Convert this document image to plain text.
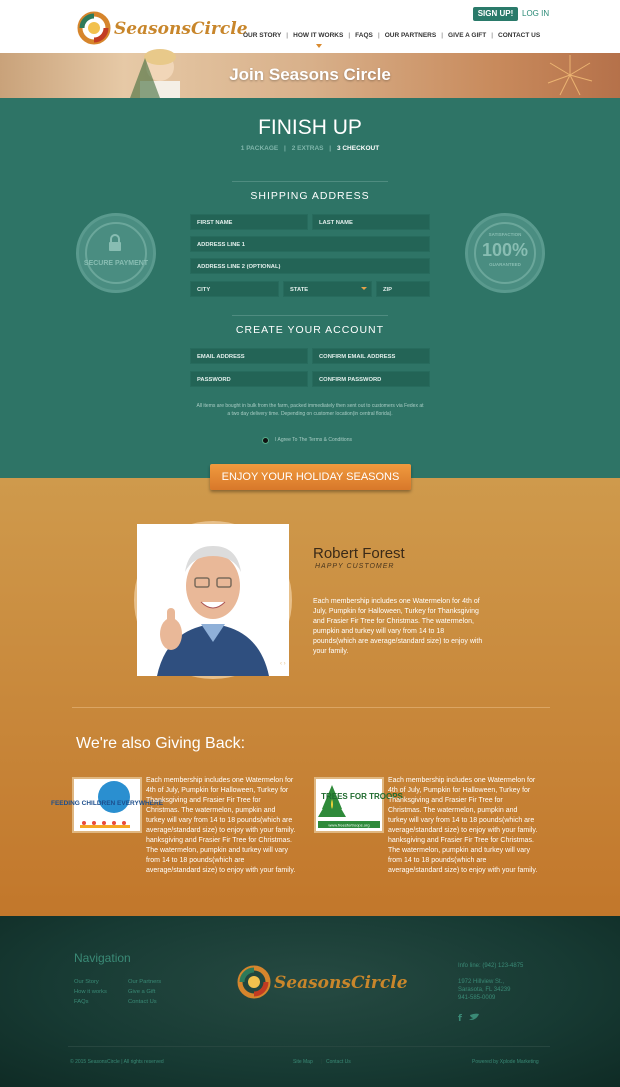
SeasonsCircle
SIGN UP!	LOG IN
OUR STORY | HOW IT WORKS | FAQS | OUR PARTNERS | GIVE A GIFT | CONTACT US
Join Seasons Circle
FINISH UP
1 PACKAGE | 2 EXTRAS | 3 CHECKOUT
SHIPPING ADDRESS
FIRST NAME	LAST NAME
ADDRESS LINE 1
ADDRESS LINE 2 (OPTIONAL)
CITY	STATE	ZIP
SECURE PAYMENT
SATISFACTION
100%
GUARANTEED
CREATE YOUR ACCOUNT
EMAIL ADDRESS	CONFIRM EMAIL ADDRESS
PASSWORD	CONFIRM PASSWORD
All items are bought in bulk from the farm, packed immediately then sent out to customers via Fedex at a two day delivery time. Depending on customer location(in central florida).
I Agree To The Terms & Conditions
ENJOY YOUR HOLIDAY SEASONS
Robert Forest
HAPPY CUSTOMER
Each membership includes one Watermelon for 4th of July, Pumpkin for Halloween, Turkey for Thanksgiving and Frasier Fir Tree for Christmas. The watermelon, pumpkin and turkey will vary from 14 to 18 pounds(which are average/standard size) to enjoy with your family.
‹ ›
We're also Giving Back:
FEEDING CHILDREN EVERYWHERE
Each membership includes one Watermelon for 4th of July, Pumpkin for Halloween, Turkey for Thanksgiving and Frasier Fir Tree for Christmas. The watermelon, pumpkin and turkey will vary from 14 to 18 pounds(which are average/standard size) to enjoy with your family. hanksgiving and Frasier Fir Tree for Christmas. The watermelon, pumpkin and turkey will vary from 14 to 18 pounds(which are average/standard size) to enjoy with your family.
TREES FOR TROOPS
www.freesfortroops.org
Each membership includes one Watermelon for 4th of July, Pumpkin for Halloween, Turkey for Thanksgiving and Frasier Fir Tree for Christmas. The watermelon, pumpkin and turkey will vary from 14 to 18 pounds(which are average/standard size) to enjoy with your family. hanksgiving and Frasier Fir Tree for Christmas. The watermelon, pumpkin and turkey will vary from 14 to 18 pounds(which are average/standard size) to enjoy with your family.
Navigation
Our Story
How it works
FAQs
Our Partners
Give a Gift
Contact Us
SeasonsCircle
Info line: (942) 123-4875
1972 Hillview St.,
Sarasota, FL 34239
941-585-0009
f
© 2015 SeasonsCircle | All rights reserved	Site Map | Contact Us	Powered by Xplode Marketing
